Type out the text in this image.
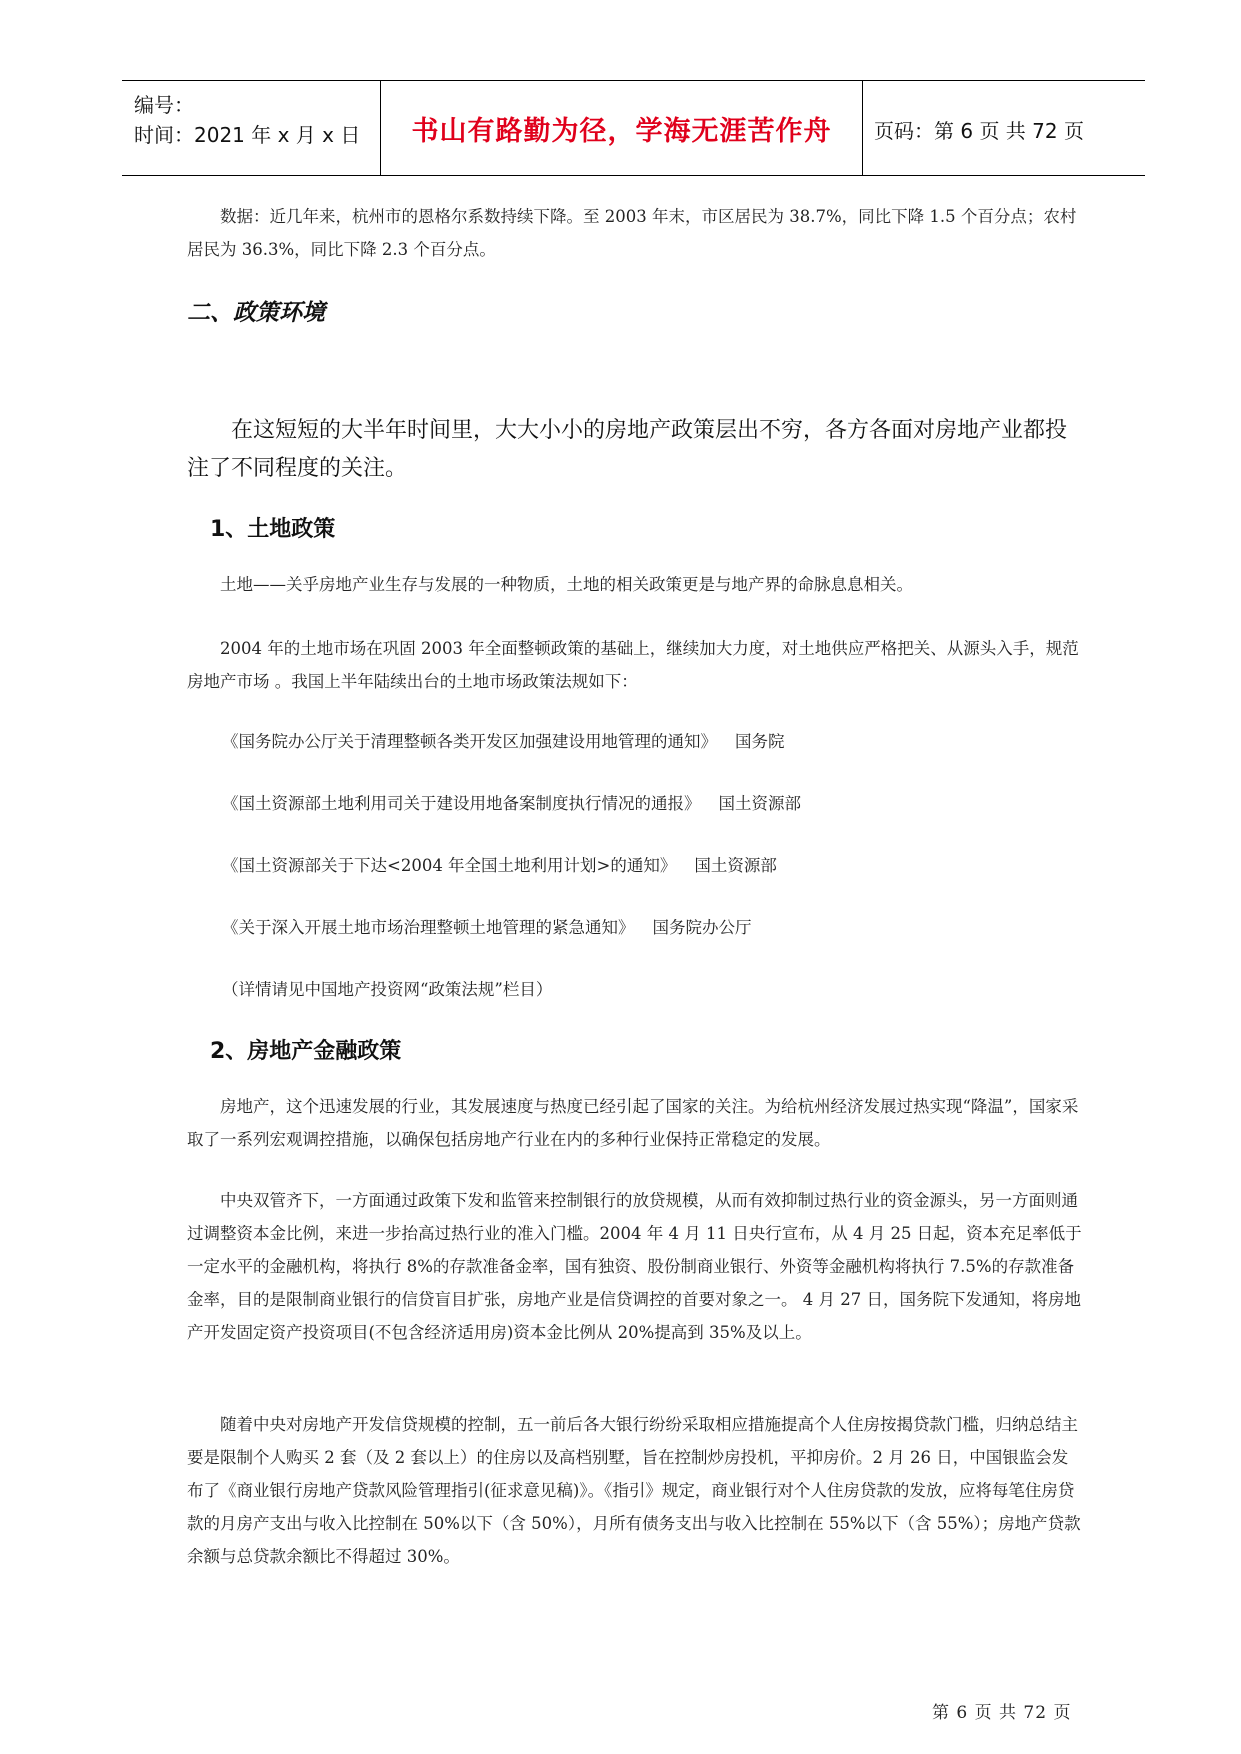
编号：
时间：2021 年 x 月 x 日	书山有路勤为径，学海无涯苦作舟	页码：第 6 页 共 72 页
数据：近几年来，杭州市的恩格尔系数持续下降。至 2003 年末，市区居民为 38.7%，同比下降 1.5 个百分点；农村居民为 36.3%，同比下降 2.3 个百分点。
二、政策环境
在这短短的大半年时间里，大大小小的房地产政策层出不穷，各方各面对房地产业都投注了不同程度的关注。
1、土地政策
土地——关乎房地产业生存与发展的一种物质，土地的相关政策更是与地产界的命脉息息相关。
2004 年的土地市场在巩固 2003 年全面整顿政策的基础上，继续加大力度，对土地供应严格把关、从源头入手，规范房地产市场 。我国上半年陆续出台的土地市场政策法规如下：
《国务院办公厅关于清理整顿各类开发区加强建设用地管理的通知》 国务院
《国土资源部土地利用司关于建设用地备案制度执行情况的通报》 国土资源部
《国土资源部关于下达<2004 年全国土地利用计划>的通知》 国土资源部
《关于深入开展土地市场治理整顿土地管理的紧急通知》 国务院办公厅
（详情请见中国地产投资网“政策法规”栏目）
2、房地产金融政策
房地产，这个迅速发展的行业，其发展速度与热度已经引起了国家的关注。为给杭州经济发展过热实现“降温”，国家采取了一系列宏观调控措施，以确保包括房地产行业在内的多种行业保持正常稳定的发展。
中央双管齐下，一方面通过政策下发和监管来控制银行的放贷规模，从而有效抑制过热行业的资金源头，另一方面则通过调整资本金比例，来进一步抬高过热行业的准入门槛。2004 年 4 月 11 日央行宣布，从 4 月 25 日起，资本充足率低于一定水平的金融机构，将执行 8%的存款准备金率，国有独资、股份制商业银行、外资等金融机构将执行 7.5%的存款准备金率，目的是限制商业银行的信贷盲目扩张，房地产业是信贷调控的首要对象之一。 4 月 27 日，国务院下发通知，将房地产开发固定资产投资项目(不包含经济适用房)资本金比例从 20%提高到 35%及以上。
随着中央对房地产开发信贷规模的控制，五一前后各大银行纷纷采取相应措施提高个人住房按揭贷款门槛，归纳总结主要是限制个人购买 2 套（及 2 套以上）的住房以及高档别墅，旨在控制炒房投机，平抑房价。2 月 26 日，中国银监会发布了《商业银行房地产贷款风险管理指引(征求意见稿)》。《指引》规定，商业银行对个人住房贷款的发放，应将每笔住房贷款的月房产支出与收入比控制在 50%以下（含 50%），月所有债务支出与收入比控制在 55%以下（含 55%）；房地产贷款余额与总贷款余额比不得超过 30%。
第 6 页 共 72 页
